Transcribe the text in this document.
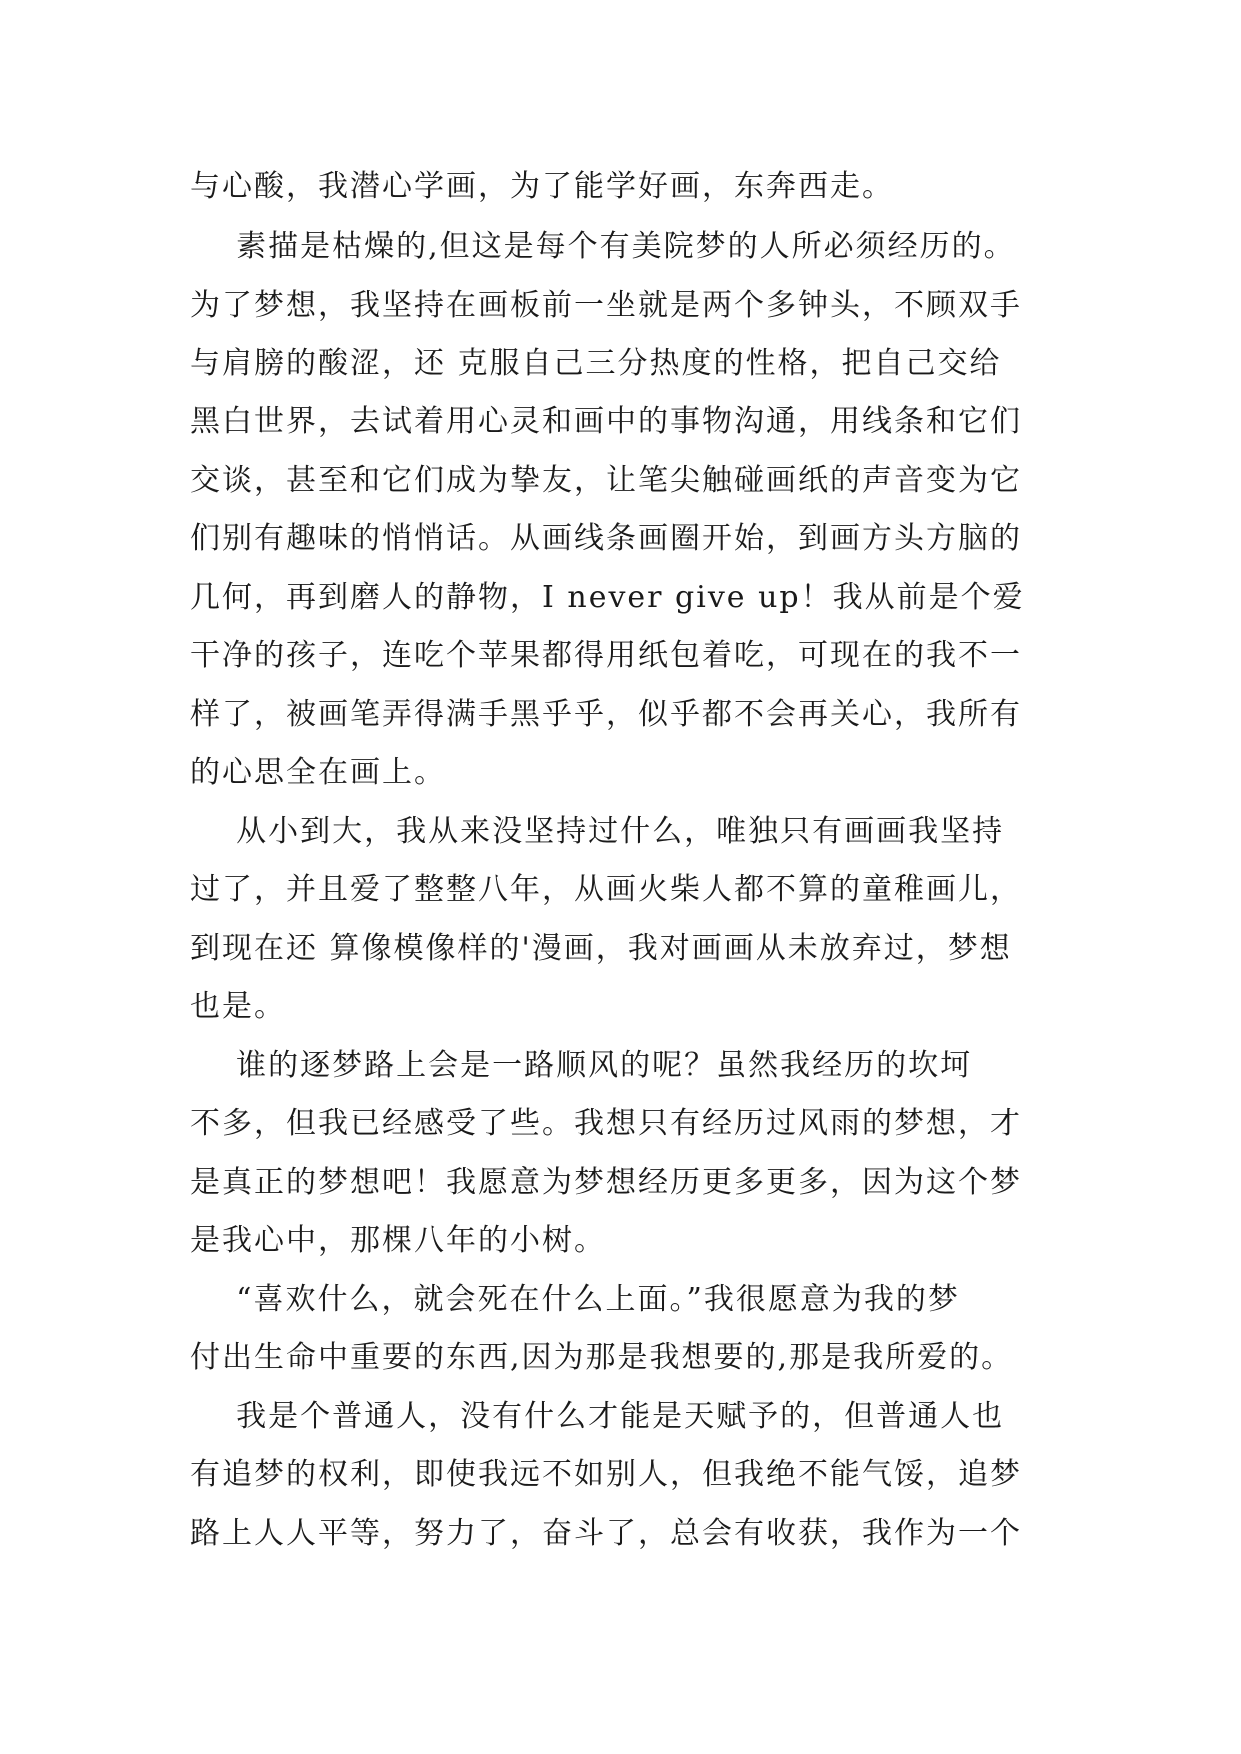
与心酸，我潜心学画，为了能学好画，东奔西走。
素描是枯燥的,但这是每个有美院梦的人所必须经历的。
为了梦想，我坚持在画板前一坐就是两个多钟头，不顾双手
与肩膀的酸涩，还 克服自己三分热度的性格，把自己交给
黑白世界，去试着用心灵和画中的事物沟通，用线条和它们
交谈，甚至和它们成为挚友，让笔尖触碰画纸的声音变为它
们别有趣味的悄悄话。从画线条画圈开始，到画方头方脑的
几何，再到磨人的静物，I never give up！我从前是个爱
干净的孩子，连吃个苹果都得用纸包着吃，可现在的我不一
样了，被画笔弄得满手黑乎乎，似乎都不会再关心，我所有
的心思全在画上。
从小到大，我从来没坚持过什么，唯独只有画画我坚持
过了，并且爱了整整八年，从画火柴人都不算的童稚画儿，
到现在还 算像模像样的'漫画，我对画画从未放弃过，梦想
也是。
谁的逐梦路上会是一路顺风的呢？虽然我经历的坎坷
不多，但我已经感受了些。我想只有经历过风雨的梦想，才
是真正的梦想吧！我愿意为梦想经历更多更多，因为这个梦
是我心中，那棵八年的小树。
“喜欢什么，就会死在什么上面。”我很愿意为我的梦
付出生命中重要的东西,因为那是我想要的,那是我所爱的。
我是个普通人，没有什么才能是天赋予的，但普通人也
有追梦的权利，即使我远不如别人，但我绝不能气馁，追梦
路上人人平等，努力了，奋斗了，总会有收获，我作为一个
